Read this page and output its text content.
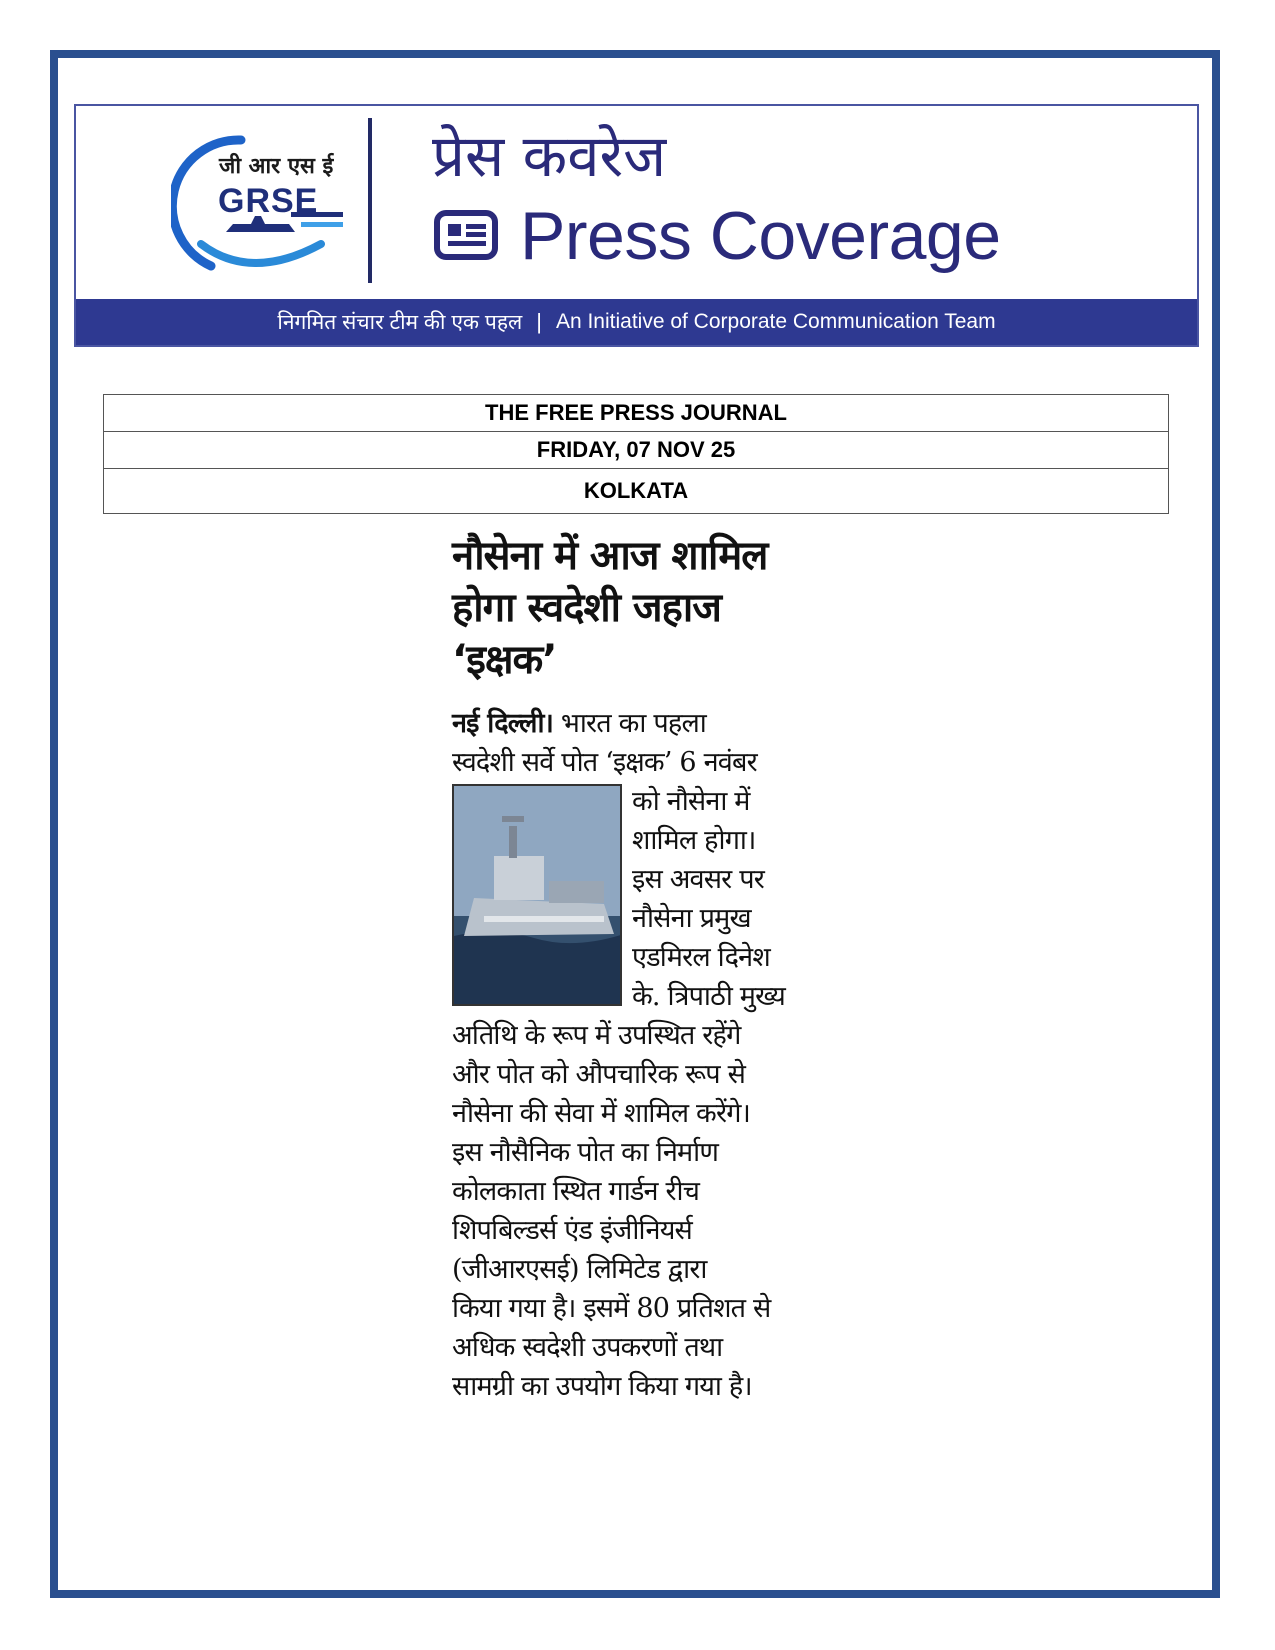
जी आर एस ई
GRSE
प्रेस कवरेज
Press Coverage
निगमित संचार टीम की एक पहल | An Initiative of Corporate Communication Team
THE FREE PRESS JOURNAL
FRIDAY, 07 NOV 25
KOLKATA
नौसेना में आज शामिल
होगा स्वदेशी जहाज ‘इक्षक’
नई दिल्ली। भारत का पहला
स्वदेशी सर्वे पोत ‘इक्षक’ 6 नवंबर
को नौसेना में
शामिल होगा।
इस अवसर पर
नौसेना प्रमुख
एडमिरल दिनेश
के. त्रिपाठी मुख्य
अतिथि के रूप में उपस्थित रहेंगे
और पोत को औपचारिक रूप से
नौसेना की सेवा में शामिल करेंगे।
इस नौसैनिक पोत का निर्माण
कोलकाता स्थित गार्डन रीच
शिपबिल्डर्स एंड इंजीनियर्स
(जीआरएसई) लिमिटेड द्वारा
किया गया है। इसमें 80 प्रतिशत से
अधिक स्वदेशी उपकरणों तथा
सामग्री का उपयोग किया गया है।
